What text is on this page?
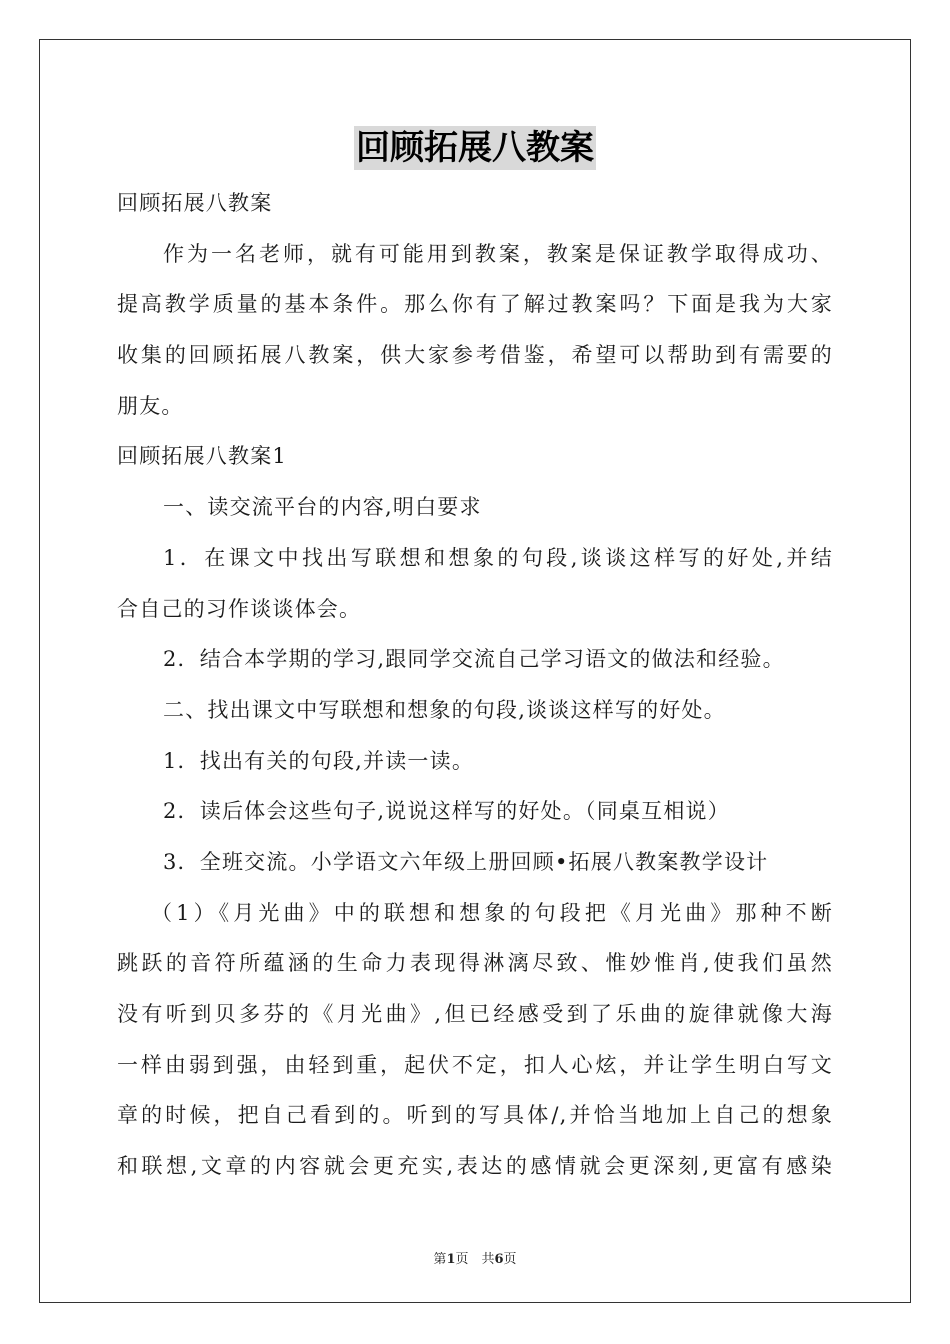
回顾拓展八教案
回顾拓展八教案
作为一名老师，就有可能用到教案，教案是保证教学取得成功、
提高教学质量的基本条件。那么你有了解过教案吗？下面是我为大家
收集的回顾拓展八教案，供大家参考借鉴，希望可以帮助到有需要的
朋友。
回顾拓展八教案1
一、读交流平台的内容,明白要求
1．在课文中找出写联想和想象的句段,谈谈这样写的好处,并结
合自己的习作谈谈体会。
2．结合本学期的学习,跟同学交流自己学习语文的做法和经验。
二、找出课文中写联想和想象的句段,谈谈这样写的好处。
1．找出有关的句段,并读一读。
2．读后体会这些句子,说说这样写的好处。（同桌互相说）
3．全班交流。小学语文六年级上册回顾•拓展八教案教学设计
（1）《月光曲》中的联想和想象的句段把《月光曲》那种不断
跳跃的音符所蕴涵的生命力表现得淋漓尽致、惟妙惟肖,使我们虽然
没有听到贝多芬的《月光曲》,但已经感受到了乐曲的旋律就像大海
一样由弱到强，由轻到重，起伏不定，扣人心炫，并让学生明白写文
章的时候，把自己看到的。听到的写具体/,并恰当地加上自己的想象
和联想,文章的内容就会更充实,表达的感情就会更深刻,更富有感染
第1页　共6页
